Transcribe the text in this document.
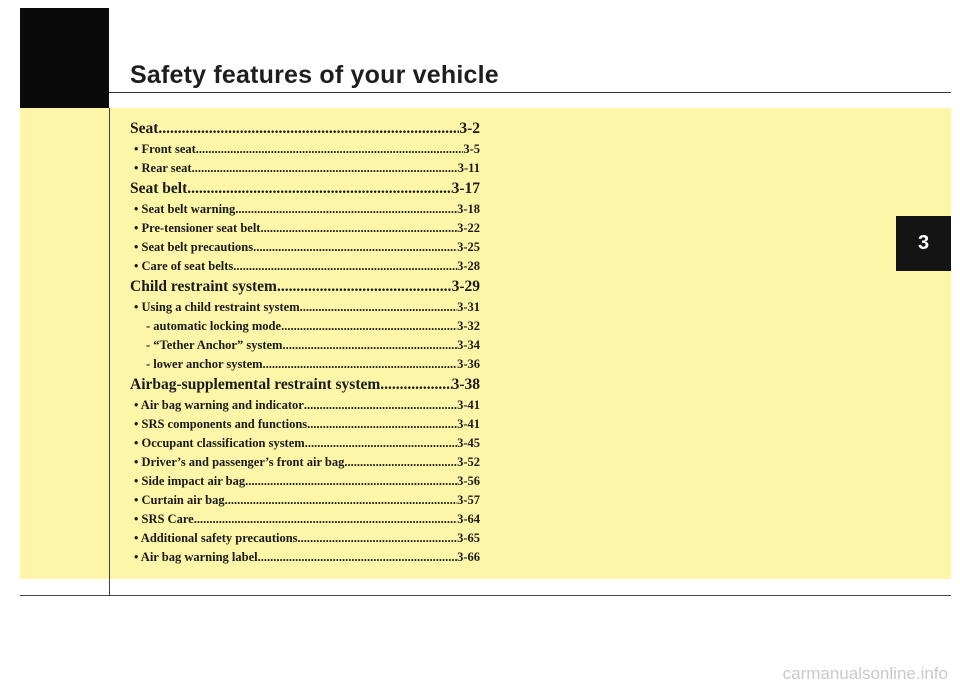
Safety features of your vehicle
3
Seat .....	3-2
• Front seat .....	3-5
• Rear seat .....	3-11
Seat belt .....	3-17
• Seat belt warning .....	3-18
• Pre-tensioner seat belt .....	3-22
• Seat belt precautions .....	3-25
• Care of seat belts .....	3-28
Child restraint system .....	3-29
• Using a child restraint system .....	3-31
- automatic locking mode .....	3-32
- “Tether Anchor” system .....	3-34
- lower anchor system .....	3-36
Airbag-supplemental restraint system .....	3-38
• Air bag warning and indicator .....	3-41
• SRS components and functions .....	3-41
• Occupant classification system .....	3-45
• Driver’s and passenger’s front air bag .....	3-52
• Side impact air bag .....	3-56
• Curtain air bag .....	3-57
• SRS Care .....	3-64
• Additional safety precautions .....	3-65
• Air bag warning label .....	3-66
carmanualsonline.info
